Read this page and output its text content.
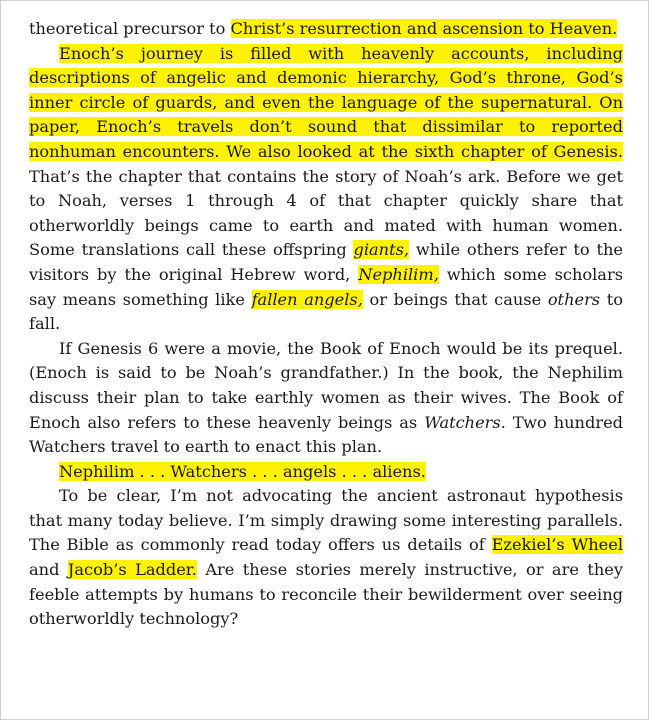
theoretical precursor to Christ’s resurrection and ascension to Heaven.

Enoch’s journey is filled with heavenly accounts, including descriptions of angelic and demonic hierarchy, God’s throne, God’s inner circle of guards, and even the language of the supernatural. On paper, Enoch’s travels don’t sound that dissimilar to reported nonhuman encounters. We also looked at the sixth chapter of Genesis. That’s the chapter that contains the story of Noah’s ark. Before we get to Noah, verses 1 through 4 of that chapter quickly share that otherworldly beings came to earth and mated with human women. Some translations call these offspring giants, while others refer to the visitors by the original Hebrew word, Nephilim, which some scholars say means something like fallen angels, or beings that cause others to fall.

If Genesis 6 were a movie, the Book of Enoch would be its prequel. (Enoch is said to be Noah’s grandfather.) In the book, the Nephilim discuss their plan to take earthly women as their wives. The Book of Enoch also refers to these heavenly beings as Watchers. Two hundred Watchers travel to earth to enact this plan.

Nephilim . . . Watchers . . . angels . . . aliens.

To be clear, I’m not advocating the ancient astronaut hypothesis that many today believe. I’m simply drawing some interesting parallels. The Bible as commonly read today offers us details of Ezekiel’s Wheel and Jacob’s Ladder. Are these stories merely instructive, or are they feeble attempts by humans to reconcile their bewilderment over seeing otherworldly technology?
